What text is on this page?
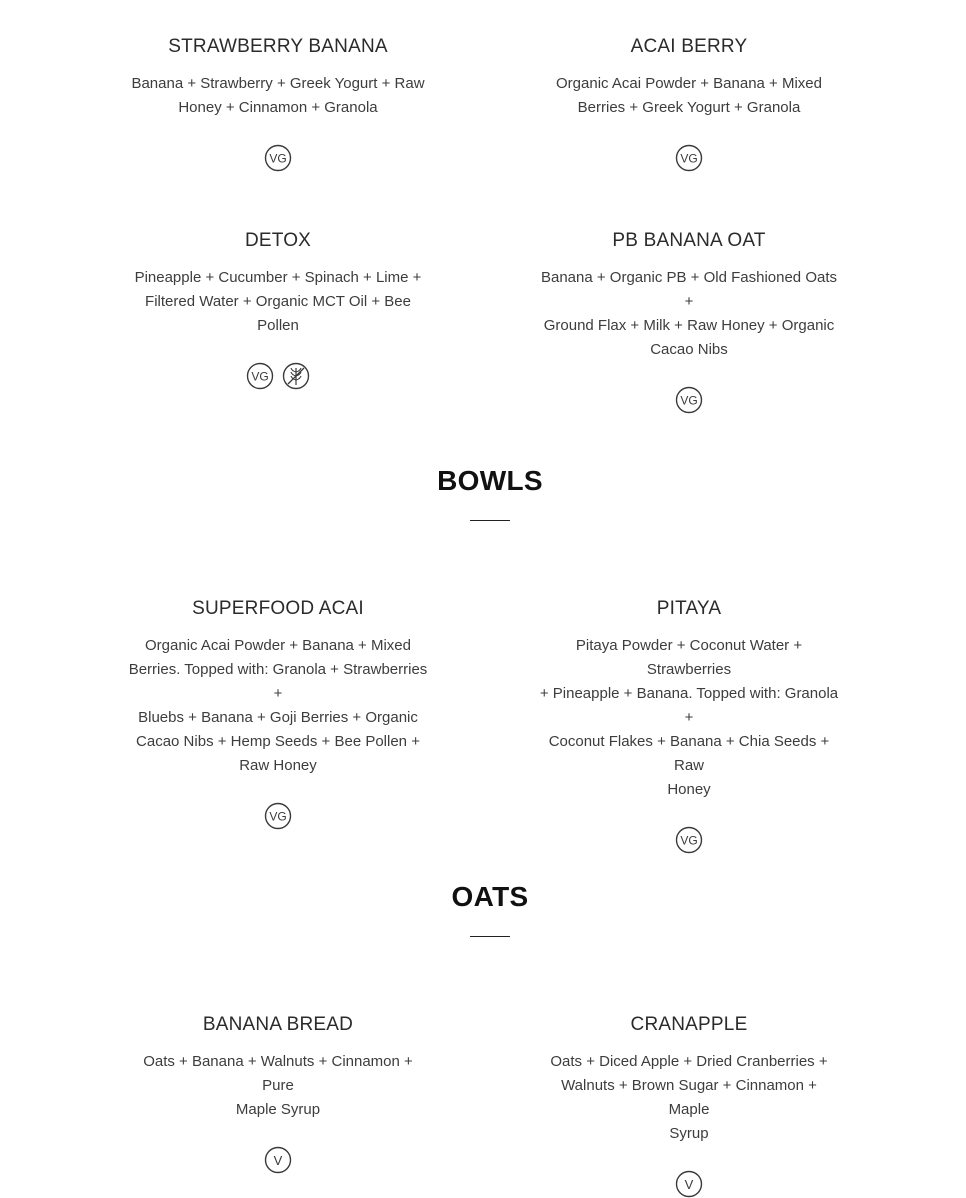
STRAWBERRY BANANA
Banana + Strawberry + Greek Yogurt + Raw
Honey + Cinnamon + Granola
VG
ACAI BERRY
Organic Acai Powder + Banana + Mixed
Berries + Greek Yogurt + Granola
VG
DETOX
Pineapple + Cucumber + Spinach + Lime +
Filtered Water + Organic MCT Oil + Bee
Pollen
VG
PB BANANA OAT
Banana + Organic PB + Old Fashioned Oats +
Ground Flax + Milk + Raw Honey + Organic
Cacao Nibs
VG
BOWLS
SUPERFOOD ACAI
Organic Acai Powder + Banana + Mixed
Berries. Topped with: Granola + Strawberries +
Bluebs + Banana + Goji Berries + Organic
Cacao Nibs + Hemp Seeds + Bee Pollen +
Raw Honey
VG
PITAYA
Pitaya Powder + Coconut Water + Strawberries
+ Pineapple + Banana. Topped with: Granola +
Coconut Flakes + Banana + Chia Seeds + Raw
Honey
VG
OATS
BANANA BREAD
Oats + Banana + Walnuts + Cinnamon + Pure
Maple Syrup
V
CRANAPPLE
Oats + Diced Apple + Dried Cranberries +
Walnuts + Brown Sugar + Cinnamon + Maple
Syrup
V
